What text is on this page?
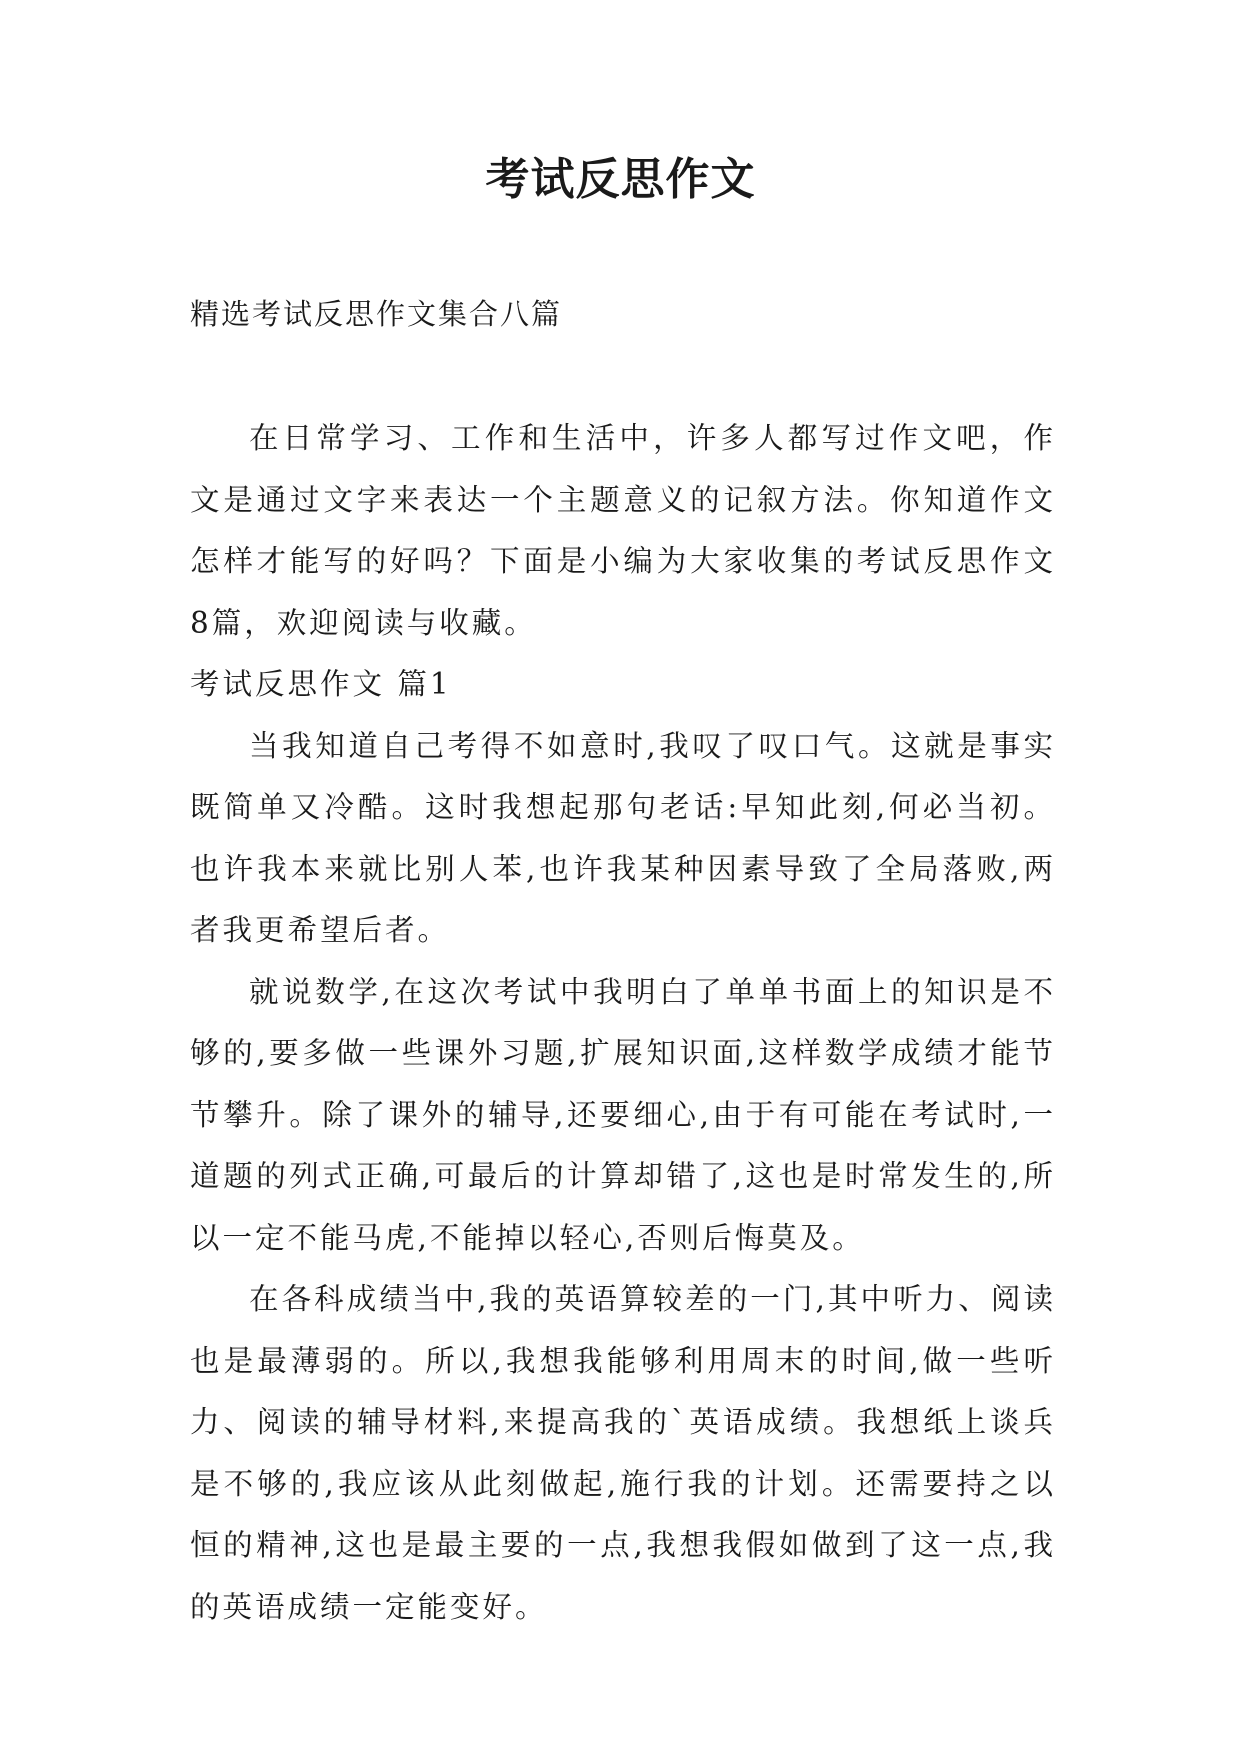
考试反思作文
精选考试反思作文集合八篇

在日常学习、工作和生活中，许多人都写过作文吧，作文是通过文字来表达一个主题意义的记叙方法。你知道作文怎样才能写的好吗？下面是小编为大家收集的考试反思作文8篇，欢迎阅读与收藏。

考试反思作文 篇1

当我知道自己考得不如意时,我叹了叹口气。这就是事实既简单又冷酷。这时我想起那句老话:早知此刻,何必当初。也许我本来就比别人苯,也许我某种因素导致了全局落败,两者我更希望后者。

就说数学,在这次考试中我明白了单单书面上的知识是不够的,要多做一些课外习题,扩展知识面,这样数学成绩才能节节攀升。除了课外的辅导,还要细心,由于有可能在考试时,一道题的列式正确,可最后的计算却错了,这也是时常发生的,所以一定不能马虎,不能掉以轻心,否则后悔莫及。

在各科成绩当中,我的英语算较差的一门,其中听力、阅读也是最薄弱的。所以,我想我能够利用周末的时间,做一些听力、阅读的辅导材料,来提高我的`英语成绩。我想纸上谈兵是不够的,我应该从此刻做起,施行我的计划。还需要持之以恒的精神,这也是最主要的一点,我想我假如做到了这一点,我的英语成绩一定能变好。
